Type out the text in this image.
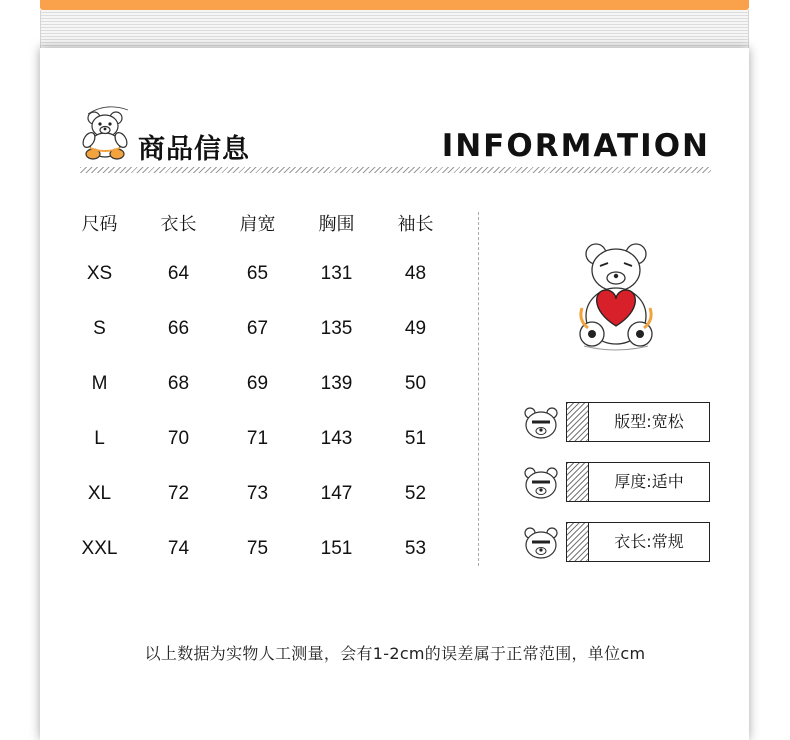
商品信息	INFORMATION
尺码	衣长	肩宽	胸围	袖长
XS	64	65	131	48
S	66	67	135	49
M	68	69	139	50
L	70	71	143	51
XL	72	73	147	52
XXL	74	75	151	53
版型:宽松
厚度:适中
衣长:常规
以上数据为实物人工测量，会有1-2cm的误差属于正常范围，单位cm
